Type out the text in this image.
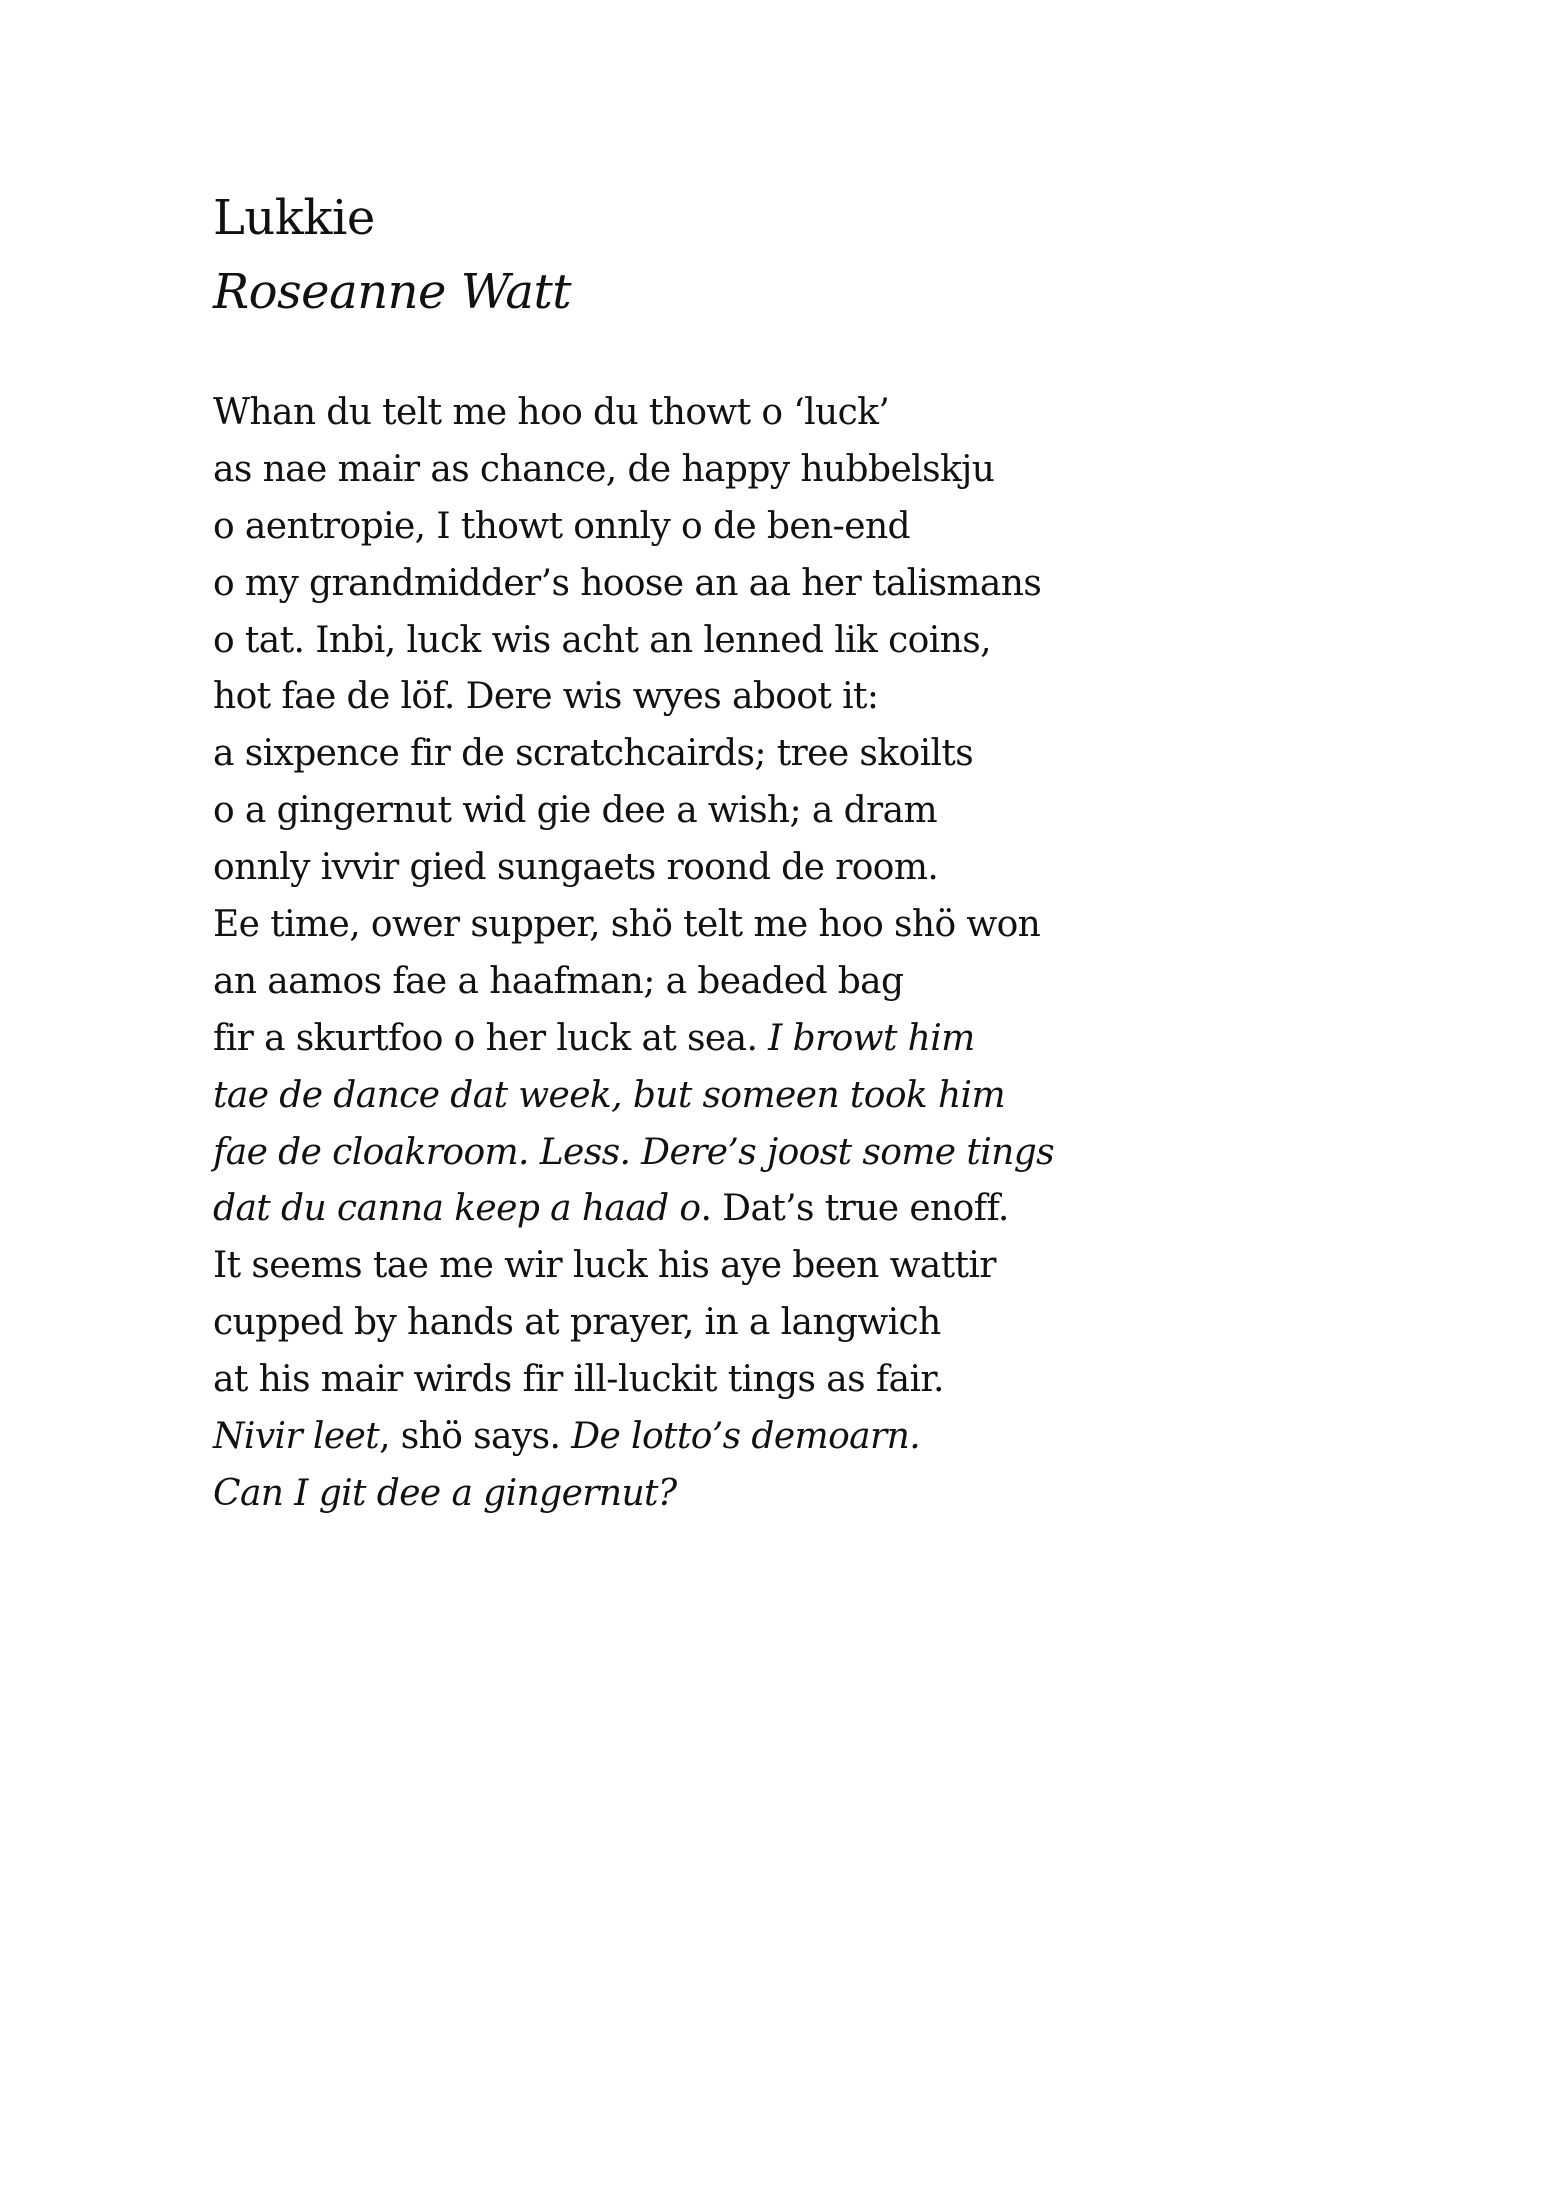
Lukkie
Roseanne Watt
Whan du telt me hoo du thowt o ‘luck’
as nae mair as chance, de happy hubbelskju
o aentropie, I thowt onnly o de ben-end
o my grandmidder’s hoose an aa her talismans
o tat. Inbi, luck wis acht an lenned lik coins,
hot fae de löf. Dere wis wyes aboot it:
a sixpence fir de scratchcairds; tree skoilts
o a gingernut wid gie dee a wish; a dram
onnly ivvir gied sungaets roond de room.
Ee time, ower supper, shö telt me hoo shö won
an aamos fae a haafman; a beaded bag
fir a skurtfoo o her luck at sea. I browt him
tae de dance dat week, but someen took him
fae de cloakroom. Less. Dere’s joost some tings
dat du canna keep a haad o. Dat’s true enoff.
It seems tae me wir luck his aye been wattir
cupped by hands at prayer, in a langwich
at his mair wirds fir ill-luckit tings as fair.
Nivir leet, shö says. De lotto’s demoarn.
Can I git dee a gingernut?
